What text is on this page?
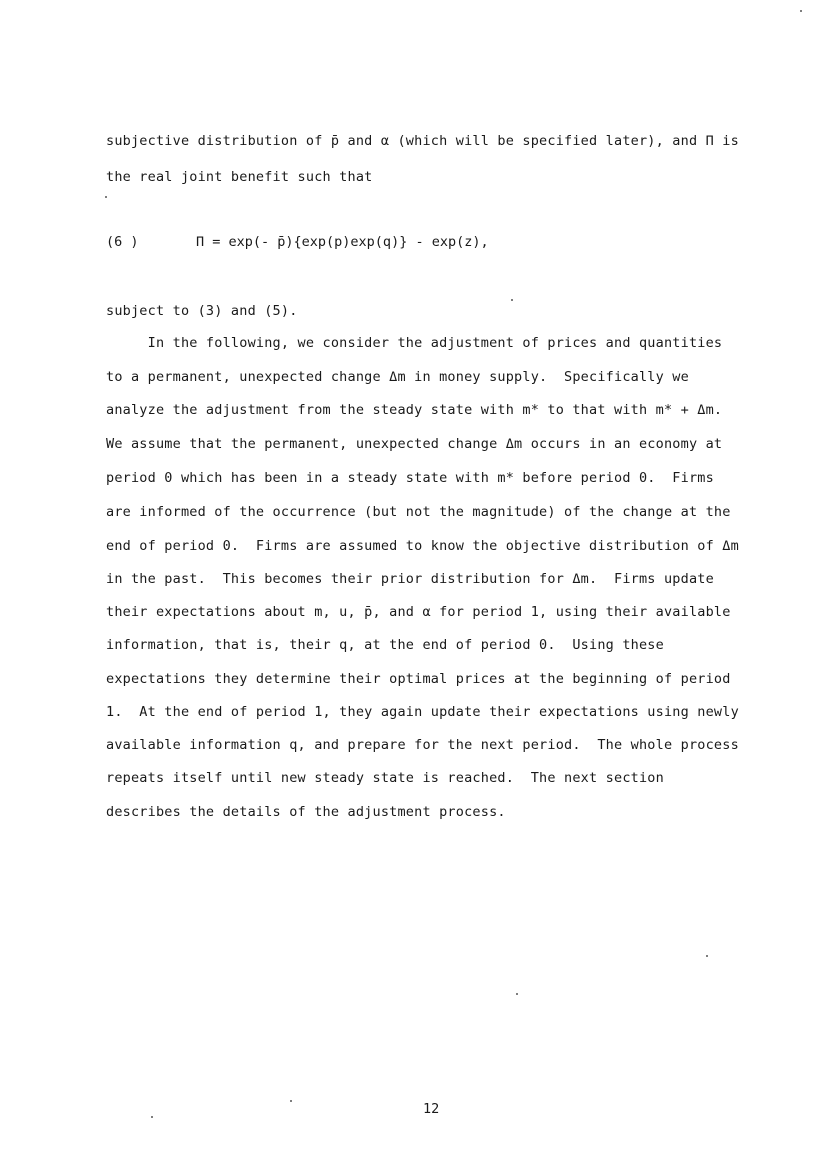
subjective distribution of p̄ and α (which will be specified later), and Π is
the real joint benefit such that
(6 )	Π = exp(- p̄){exp(p)exp(q)} - exp(z),
subject to (3) and (5).
In the following, we consider the adjustment of prices and quantities
to a permanent, unexpected change Δm in money supply.  Specifically we
analyze the adjustment from the steady state with m* to that with m* + Δm.
We assume that the permanent, unexpected change Δm occurs in an economy at
period 0 which has been in a steady state with m* before period 0.  Firms
are informed of the occurrence (but not the magnitude) of the change at the
end of period 0.  Firms are assumed to know the objective distribution of Δm
in the past.  This becomes their prior distribution for Δm.  Firms update
their expectations about m, u, p̄, and α for period 1, using their available
information, that is, their q, at the end of period 0.  Using these
expectations they determine their optimal prices at the beginning of period
1.  At the end of period 1, they again update their expectations using newly
available information q, and prepare for the next period.  The whole process
repeats itself until new steady state is reached.  The next section
describes the details of the adjustment process.
12
